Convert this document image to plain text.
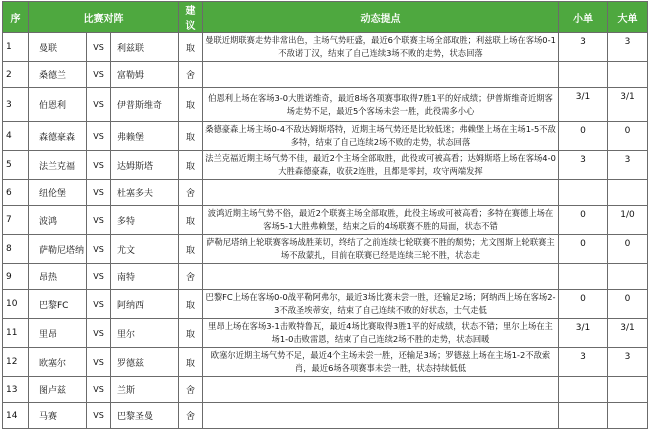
序	比赛对阵			建议	动态提点	小单	大单
1	曼联	VS	利兹联	取	曼联近期联赛走势非常出色，主场气势旺盛，最近6个联赛主场全部取胜；利兹联上场在客场0-1不敌诺丁汉，结束了自己连续3场不败的走势，状态回落	3	3
2	桑德兰	VS	富勒姆	舍			
3	伯恩利	VS	伊普斯维奇	取	伯恩利上场在客场3-0大胜诺维奇，最近8场各项赛事取得7胜1平的好成绩；伊普斯维奇近期客场走势不足，最近5个客场未尝一胜，此役需多小心	3/1	3/1
4	森德豪森	VS	弗赖堡	取	桑德豪森上场主场0-4不敌达姆斯塔特，近期主场气势还是比较低迷；弗赖堡上场在主场1-5不敌多特，结束了自己连续2场不败的走势，状态回落	0	0
5	法兰克福	VS	达姆斯塔	取	法兰克福近期主场气势不佳，最近2个主场全部取胜，此役或可被高看；达姆斯塔上场在客场4-0大胜森德豪森，收获2连胜，且都是零封，攻守两端发挥	3	3
6	纽伦堡	VS	杜塞多夫	舍			
7	波鸿	VS	多特	取	波鸿近期主场气势不俗，最近2个联赛主场全部取胜，此役主场或可被高看；多特在赛德上场在客场5-1大胜弗赖堡，结束之后的4场联赛不胜的局面，状态不错	0	1/0
8	萨勒尼塔纳	VS	尤文	取	萨勒尼塔纳上轮联赛客场战胜莱切，终结了之前连续七轮联赛不胜的颓势；尤文图斯上轮联赛主场不敌蒙扎，目前在联赛已经是连续三轮不胜，状态走	0	0
9	昂热	VS	南特	舍			
10	巴黎FC	VS	阿纳西	取	巴黎FC上场在客场0-0战平勒阿弗尔，最近3场比赛未尝一胜，还输足2场；阿纳西上场在客场2-3不敌圣埃蒂安，结束了自己连续不败的好状态，士气走低	0	0
11	里昂	VS	里尔	取	里昂上场在客场3-1击败特鲁瓦，最近4场比赛取得3胜1平的好成绩，状态不错；里尔上场在主场1-0击败雷恩，结束了自己连续2场不胜的走势，状态回暖	3/1	3/1
12	欧塞尔	VS	罗德兹	取	欧塞尔近期主场气势不足，最近4个主场未尝一胜，还输足3场；罗德兹上场在主场1-2不敌索肖，最近6场各项赛事未尝一胜，状态持续低低	3	3
13	图卢兹	VS	兰斯	舍			
14	马赛	VS	巴黎圣曼	舍			
